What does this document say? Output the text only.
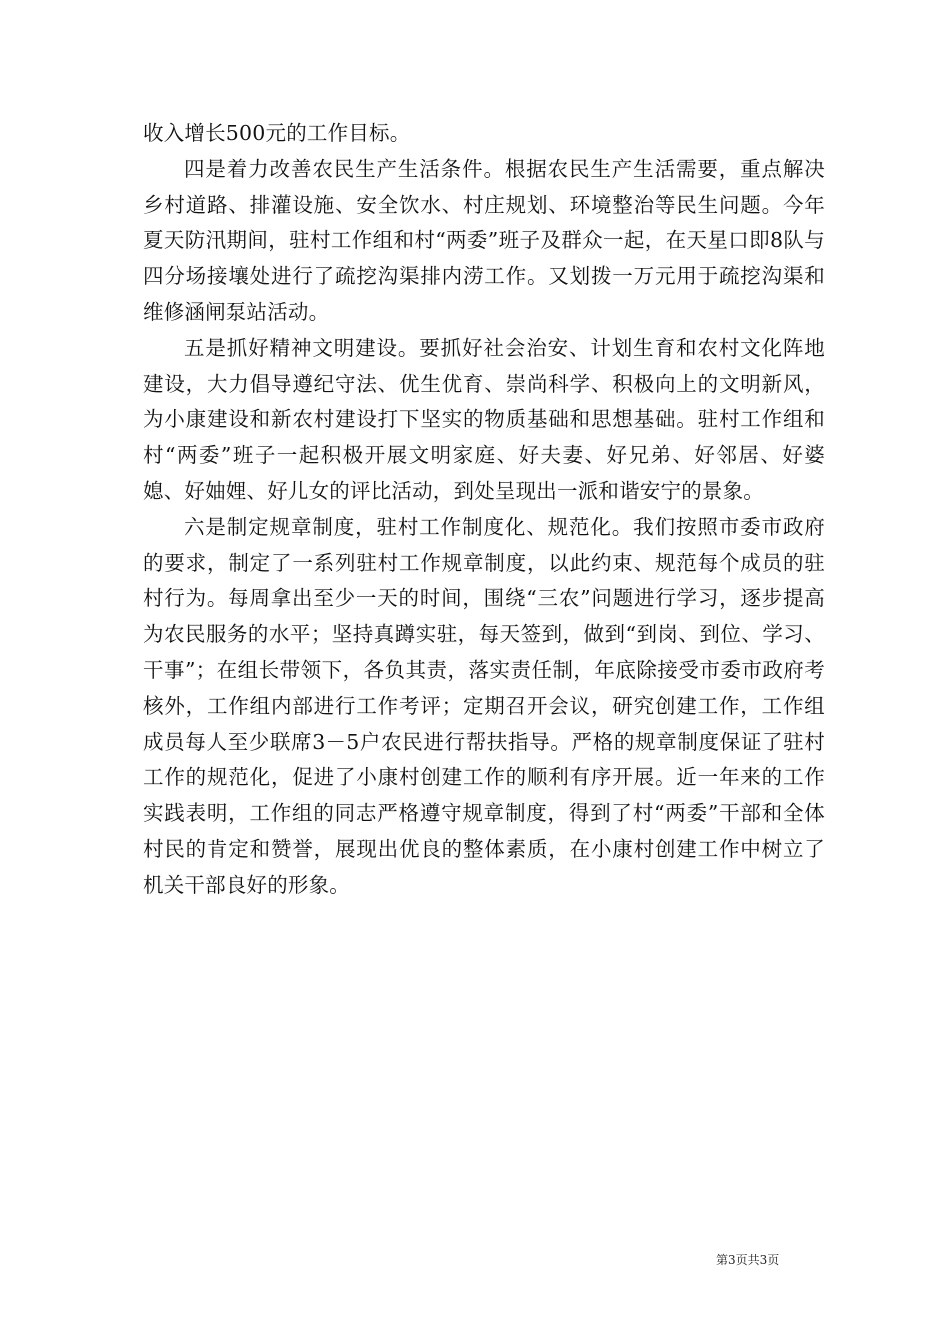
收入增长500元的工作目标。

四是着力改善农民生产生活条件。根据农民生产生活需要，重点解决乡村道路、排灌设施、安全饮水、村庄规划、环境整治等民生问题。今年夏天防汛期间，驻村工作组和村“两委”班子及群众一起，在天星口即8队与四分场接壤处进行了疏挖沟渠排内涝工作。又划拨一万元用于疏挖沟渠和维修涵闸泵站活动。

五是抓好精神文明建设。要抓好社会治安、计划生育和农村文化阵地建设，大力倡导遵纪守法、优生优育、崇尚科学、积极向上的文明新风，为小康建设和新农村建设打下坚实的物质基础和思想基础。驻村工作组和村“两委”班子一起积极开展文明家庭、好夫妻、好兄弟、好邻居、好婆媳、好妯娌、好儿女的评比活动，到处呈现出一派和谐安宁的景象。

六是制定规章制度，驻村工作制度化、规范化。我们按照市委市政府的要求，制定了一系列驻村工作规章制度，以此约束、规范每个成员的驻村行为。每周拿出至少一天的时间，围绕“三农”问题进行学习，逐步提高为农民服务的水平；坚持真蹲实驻，每天签到，做到“到岗、到位、学习、干事”；在组长带领下，各负其责，落实责任制，年底除接受市委市政府考核外，工作组内部进行工作考评；定期召开会议，研究创建工作，工作组成员每人至少联席3－5户农民进行帮扶指导。严格的规章制度保证了驻村工作的规范化，促进了小康村创建工作的顺利有序开展。近一年来的工作实践表明，工作组的同志严格遵守规章制度，得到了村“两委”干部和全体村民的肯定和赞誉，展现出优良的整体素质，在小康村创建工作中树立了机关干部良好的形象。

第3页共3页
